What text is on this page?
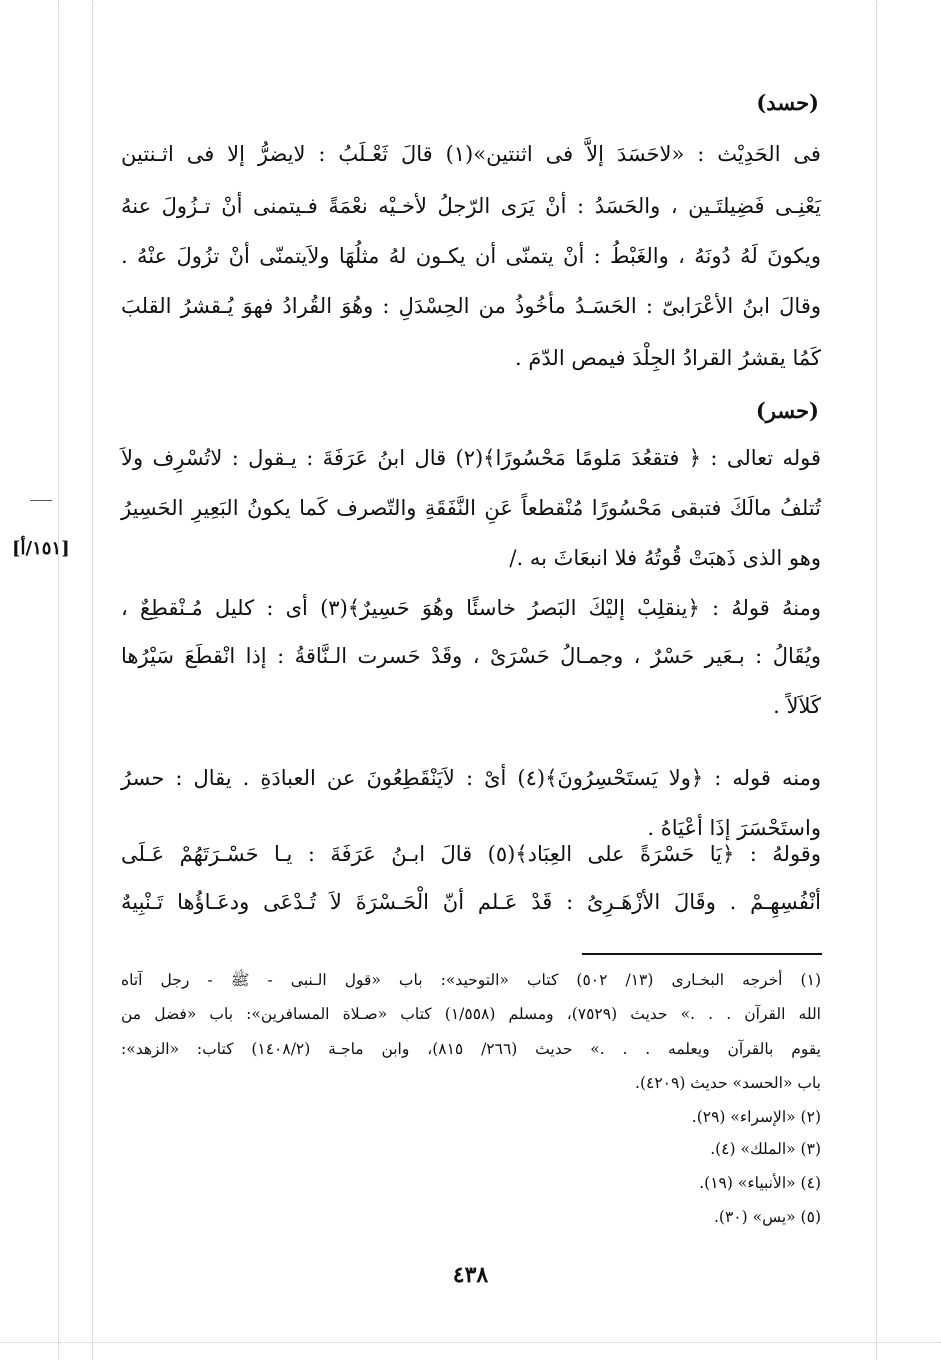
(حسد)
فى الحَدِيْث : «لاحَسَدَ إلاَّ فى اثنتين»(١) قالَ ثَعْـلَبُ : لايضرُّ إلا فى اثـنتين
يَعْنِـى فَضِيلتَـين ، والحَسَدُ : أنْ يَرَى الرّجلُ لأخـيْه نعْمَةً فـيتمنى أنْ تـزُولَ عنهُ
ويكونَ لَهُ دُونَهُ ، والغَبْطُ : أنْ يتمنّى أن يكـون لهُ مثلُهَا ولاَيتمنّى أنْ تزُولَ عنْهُ .
وقالَ ابنُ الأعْرَابىّ : الحَسَـدُ مأخُوذُ من الحِسْدَلِ : وهُوَ القُرادُ فهوَ يُـقشرُ القلبَ
كَمُا يقشرُ القرادُ الجِلْدَ فيمص الدّمَ .
(حسر)
قوله تعالى : ﴿ فتقعُدَ مَلومًا مَحْسُورًا﴾(٢) قال ابنُ عَرَفَةَ : يـقول : لاتُسْرِف ولاَ
تُتلفُ مالَكَ فتبقى مَحْسُورًا مُنْقطعاً عَنِ النَّفَقَةِ والتّصرف كَما يكونُ البَعِيرِ الحَسِيرُ
وهو الذى ذَهبَتْ قُوتُهُ فلا انبعَاثَ به ./
ومنهُ قولهُ : ﴿ينقلِبْ إليْكَ البَصرُ خاسئًا وهُوَ حَسِيرٌ﴾(٣) أى : كليل مُـنْقطِعٌ ،
ويُقَالُ : بـعَير حَسْرٌ ، وجمـالُ حَسْرَىْ ، وقَدْ حَسرت الـنَّاقةُ : إذا انْقطَعَ سَيْرُها
كَلاَلاً .
[١٥١/أ]
ومنه قوله : ﴿ولا يَستَحْسِرُونَ﴾(٤) أىْ : لاَيَنْقَطِعُونَ عن العبادَةِ . يقال : حسرُ
واستَحْسَرَ إذَا أعْيَاهُ .
وقولهُ : ﴿يَا حَسْرَةً على العِبَاد﴾(٥) قالَ ابـنُ عَرَفَةَ : يـا حَسْـرَتَهُمْ عَـلَى
أنْفُسِهِـمْ . وقَالَ الأزْهَـرِىُ : قَدْ عَـلم أنّ الْحَـسْرَةَ لاَ تُـدْعَى ودعَـاؤُها تَـنْبِيهٌ
(١) أخرجه البخـارى (١٣/ ٥٠٢) كتاب «التوحيد»: باب «قول الـنبى - ﷺ - رجل آتاه
الله القرآن . . .» حديث (٧٥٢٩)، ومسلم (١/٥٥٨) كتاب «صـلاة المسافرين»: باب «فضل من
يقوم بالقرآن ويعلمه . . .» حديث (٢٦٦/ ٨١٥)، وابن ماجـة (١٤٠٨/٢) كتاب: «الزهد»:
باب «الحسد» حديث (٤٢٠٩).
(٢) «الإسراء» (٢٩).
(٣) «الملك» (٤).
(٤) «الأنبياء» (١٩).
(٥) «يس» (٣٠).
٤٣٨
